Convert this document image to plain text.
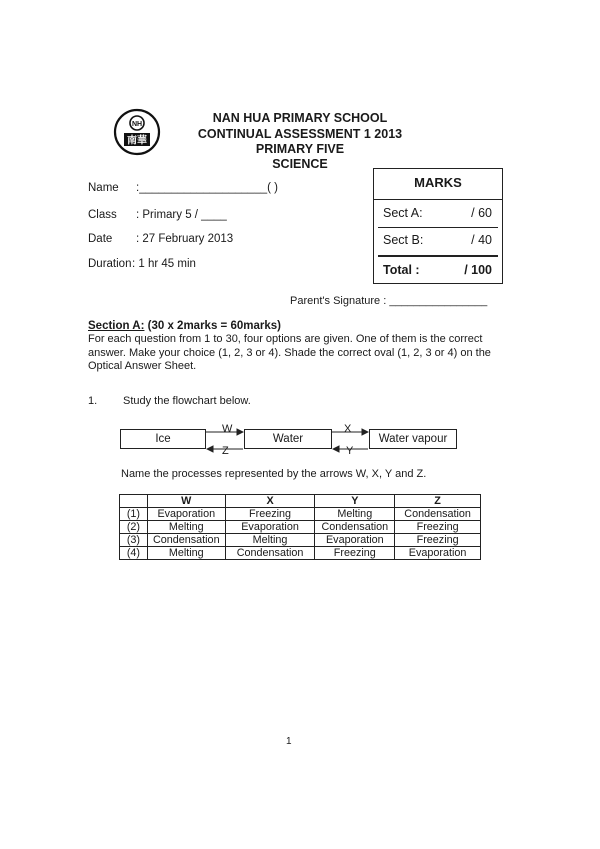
NH
南華
NAN HUA PRIMARY SCHOOL
CONTINUAL ASSESSMENT 1 2013
PRIMARY FIVE
SCIENCE
Name :____________________( )
Class : Primary 5 / ____
Date : 27 February 2013
Duration : 1 hr 45 min
MARKS
Sect A:	/ 60
Sect B:	/ 40
Total :	/ 100
Parent's Signature : ________________
Section A: (30 x 2marks = 60marks)
For each question from 1 to 30, four options are given. One of them is the correct answer. Make your choice (1, 2, 3 or 4). Shade the correct oval (1, 2, 3 or 4) on the Optical Answer Sheet.
1. Study the flowchart below.
Ice	Water	Water vapour
W
Z
X
Y
Name the processes represented by the arrows W, X, Y and Z.
	W	X	Y	Z
(1)	Evaporation	Freezing	Melting	Condensation
(2)	Melting	Evaporation	Condensation	Freezing
(3)	Condensation	Melting	Evaporation	Freezing
(4)	Melting	Condensation	Freezing	Evaporation
1
